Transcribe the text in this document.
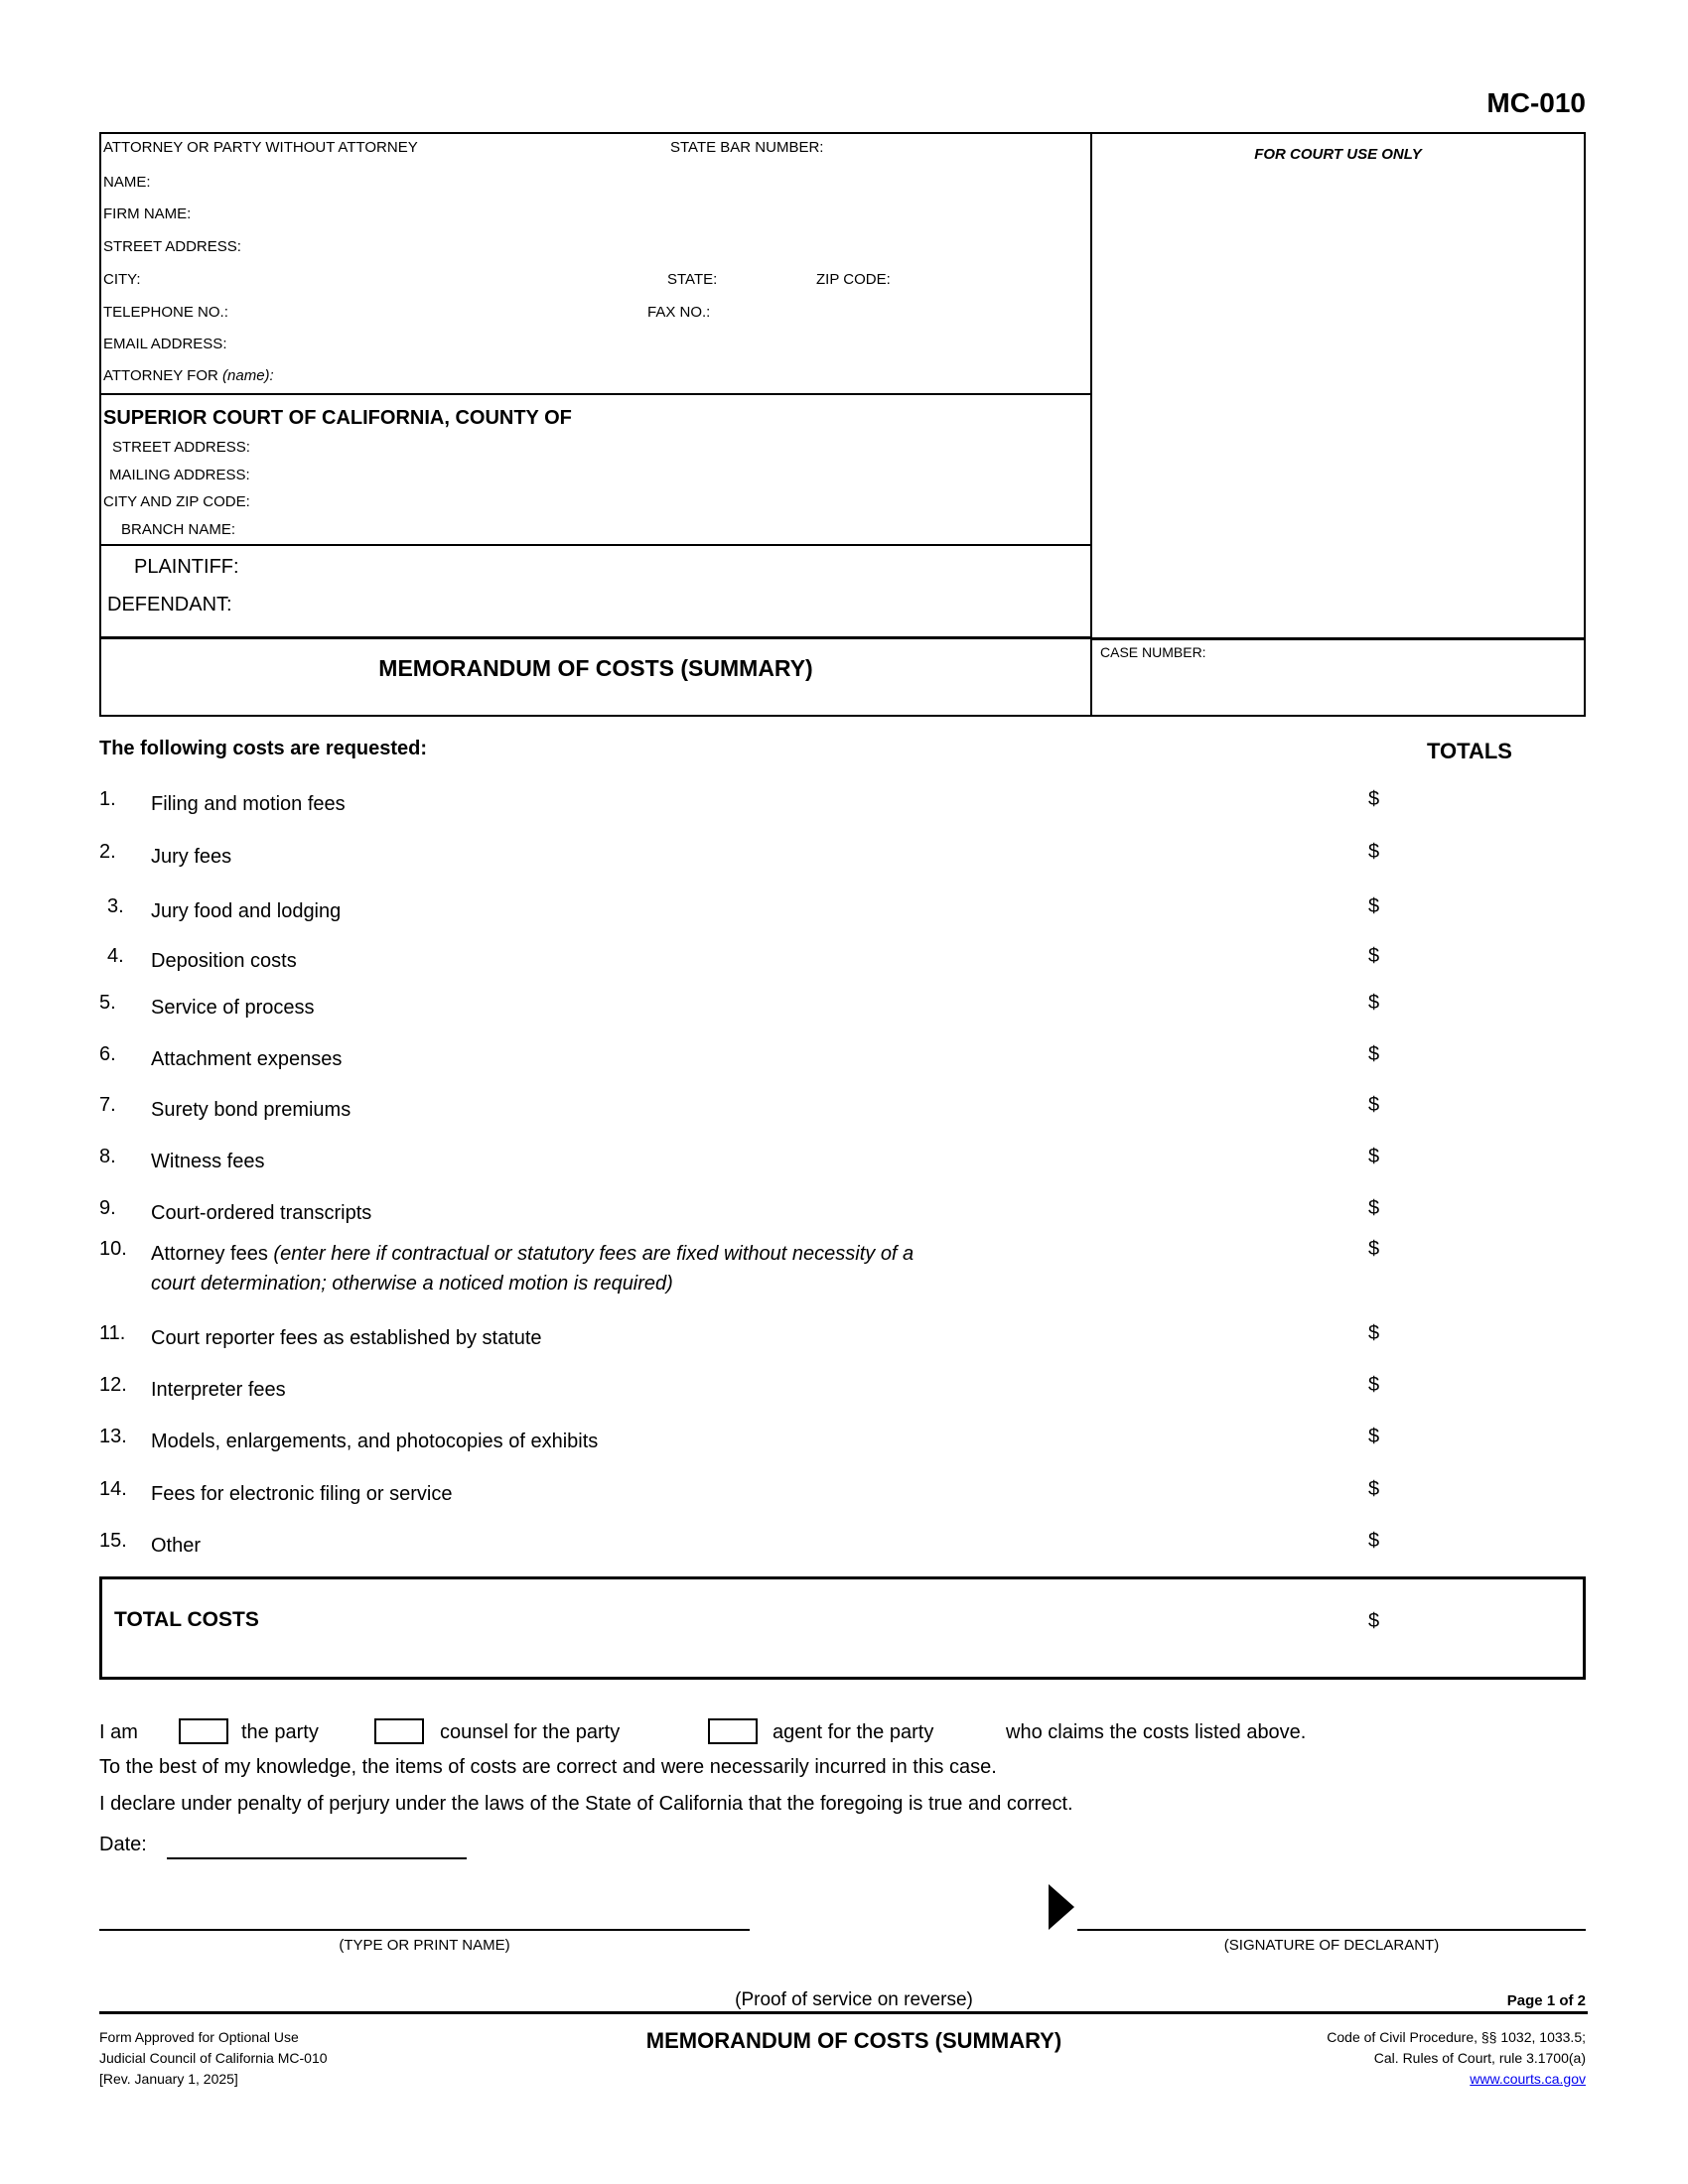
MC-010
ATTORNEY OR PARTY WITHOUT ATTORNEY	STATE BAR NUMBER:
NAME:
FIRM NAME:
STREET ADDRESS:
CITY:	STATE:	ZIP CODE:
TELEPHONE NO.:	FAX NO.:
EMAIL ADDRESS:
ATTORNEY FOR (name):
SUPERIOR COURT OF CALIFORNIA, COUNTY OF
STREET ADDRESS:
MAILING ADDRESS:
CITY AND ZIP CODE:
BRANCH NAME:
PLAINTIFF:
DEFENDANT:
MEMORANDUM OF COSTS (SUMMARY)
FOR COURT USE ONLY
CASE NUMBER:
The following costs are requested:	TOTALS
1. Filing and motion fees	$
2. Jury fees	$
3. Jury food and lodging	$
4. Deposition costs	$
5. Service of process	$
6. Attachment expenses	$
7. Surety bond premiums	$
8. Witness fees	$
9. Court-ordered transcripts	$
10. Attorney fees (enter here if contractual or statutory fees are fixed without necessity of a court determination; otherwise a noticed motion is required)
$
11. Court reporter fees as established by statute	$
12. Interpreter fees	$
13. Models, enlargements, and photocopies of exhibits	$
14. Fees for electronic filing or service	$
15. Other	$
TOTAL COSTS	$
I am	the party	counsel for the party	agent for the party	who claims the costs listed above.
To the best of my knowledge, the items of costs are correct and were necessarily incurred in this case.
I declare under penalty of perjury under the laws of the State of California that the foregoing is true and correct.
Date:
(TYPE OR PRINT NAME)	(SIGNATURE OF DECLARANT)
(Proof of service on reverse)	Page 1 of 2
Form Approved for Optional Use
Judicial Council of California MC-010
[Rev. January 1, 2025]
MEMORANDUM OF COSTS (SUMMARY)	Code of Civil Procedure, §§ 1032, 1033.5;
Cal. Rules of Court, rule 3.1700(a)
www.courts.ca.gov
